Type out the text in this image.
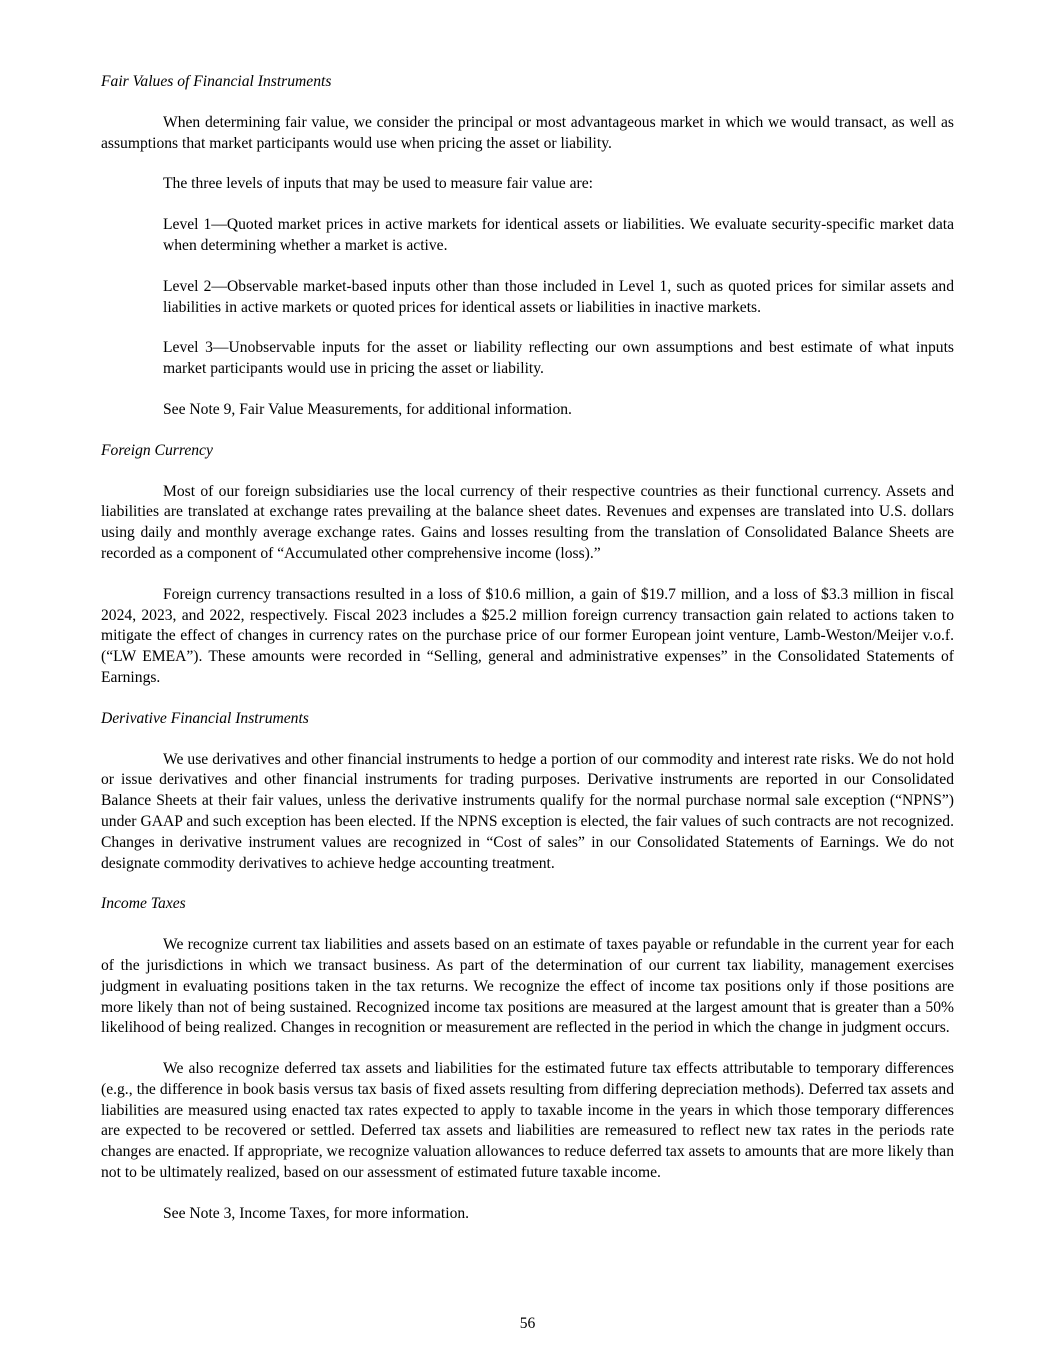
Fair Values of Financial Instruments

When determining fair value, we consider the principal or most advantageous market in which we would transact, as well as assumptions that market participants would use when pricing the asset or liability.

The three levels of inputs that may be used to measure fair value are:

Level 1—Quoted market prices in active markets for identical assets or liabilities. We evaluate security-specific market data when determining whether a market is active.

Level 2—Observable market-based inputs other than those included in Level 1, such as quoted prices for similar assets and liabilities in active markets or quoted prices for identical assets or liabilities in inactive markets.

Level 3—Unobservable inputs for the asset or liability reflecting our own assumptions and best estimate of what inputs market participants would use in pricing the asset or liability.

See Note 9, Fair Value Measurements, for additional information.

Foreign Currency

Most of our foreign subsidiaries use the local currency of their respective countries as their functional currency. Assets and liabilities are translated at exchange rates prevailing at the balance sheet dates. Revenues and expenses are translated into U.S. dollars using daily and monthly average exchange rates. Gains and losses resulting from the translation of Consolidated Balance Sheets are recorded as a component of “Accumulated other comprehensive income (loss).”

Foreign currency transactions resulted in a loss of $10.6 million, a gain of $19.7 million, and a loss of $3.3 million in fiscal 2024, 2023, and 2022, respectively. Fiscal 2023 includes a $25.2 million foreign currency transaction gain related to actions taken to mitigate the effect of changes in currency rates on the purchase price of our former European joint venture, Lamb-Weston/Meijer v.o.f. (“LW EMEA”). These amounts were recorded in “Selling, general and administrative expenses” in the Consolidated Statements of Earnings.

Derivative Financial Instruments

We use derivatives and other financial instruments to hedge a portion of our commodity and interest rate risks. We do not hold or issue derivatives and other financial instruments for trading purposes. Derivative instruments are reported in our Consolidated Balance Sheets at their fair values, unless the derivative instruments qualify for the normal purchase normal sale exception (“NPNS”) under GAAP and such exception has been elected. If the NPNS exception is elected, the fair values of such contracts are not recognized. Changes in derivative instrument values are recognized in “Cost of sales” in our Consolidated Statements of Earnings. We do not designate commodity derivatives to achieve hedge accounting treatment.

Income Taxes

We recognize current tax liabilities and assets based on an estimate of taxes payable or refundable in the current year for each of the jurisdictions in which we transact business. As part of the determination of our current tax liability, management exercises judgment in evaluating positions taken in the tax returns. We recognize the effect of income tax positions only if those positions are more likely than not of being sustained. Recognized income tax positions are measured at the largest amount that is greater than a 50% likelihood of being realized. Changes in recognition or measurement are reflected in the period in which the change in judgment occurs.

We also recognize deferred tax assets and liabilities for the estimated future tax effects attributable to temporary differences (e.g., the difference in book basis versus tax basis of fixed assets resulting from differing depreciation methods). Deferred tax assets and liabilities are measured using enacted tax rates expected to apply to taxable income in the years in which those temporary differences are expected to be recovered or settled. Deferred tax assets and liabilities are remeasured to reflect new tax rates in the periods rate changes are enacted. If appropriate, we recognize valuation allowances to reduce deferred tax assets to amounts that are more likely than not to be ultimately realized, based on our assessment of estimated future taxable income.

See Note 3, Income Taxes, for more information.

56
